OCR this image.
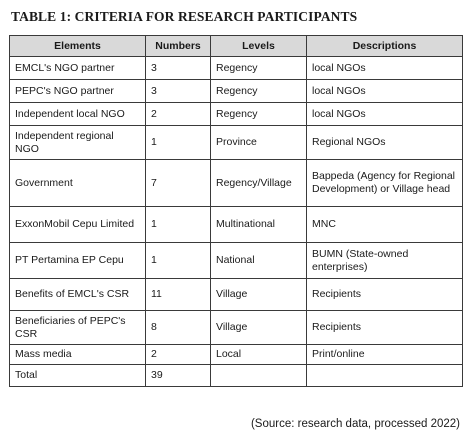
TABLE 1: CRITERIA FOR RESEARCH PARTICIPANTS
Elements	Numbers	Levels	Descriptions
EMCL's NGO partner	3	Regency	local NGOs
PEPC's NGO partner	3	Regency	local NGOs
Independent local NGO	2	Regency	local NGOs
Independent regional NGO	1	Province	Regional NGOs
Government	7	Regency/Village	Bappeda (Agency for Regional Development) or Village head
ExxonMobil Cepu Limited	1	Multinational	MNC
PT Pertamina EP Cepu	1	National	BUMN (State-owned enterprises)
Benefits of EMCL's CSR	11	Village	Recipients
Beneficiaries of PEPC's CSR	8	Village	Recipients
Mass media	2	Local	Print/online
Total	39		
(Source: research data, processed 2022)
